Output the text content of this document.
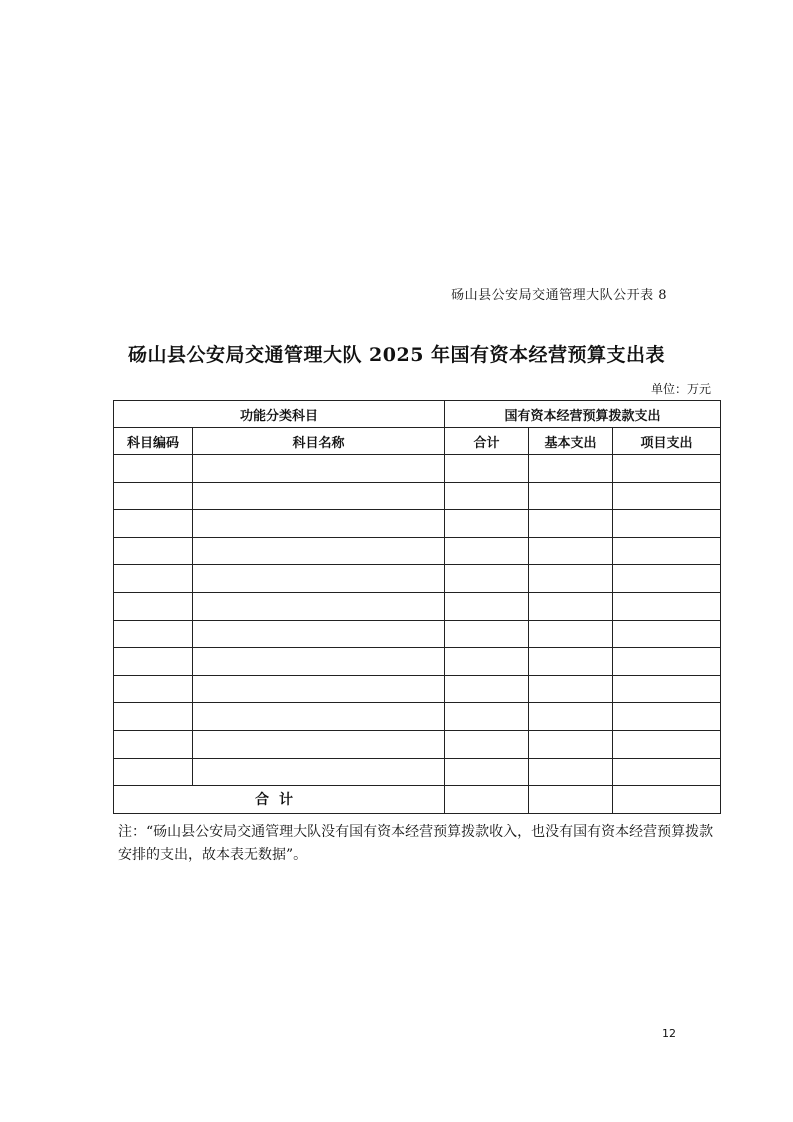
砀山县公安局交通管理大队公开表 8
砀山县公安局交通管理大队 2025 年国有资本经营预算支出表
单位：万元
功能分类科目		国有资本经营预算拨款支出		
科目编码	科目名称	合计	基本支出	项目支出

合计				
注：“砀山县公安局交通管理大队没有国有资本经营预算拨款收入，也没有国有资本经营预算拨款安排的支出，故本表无数据”。
12
